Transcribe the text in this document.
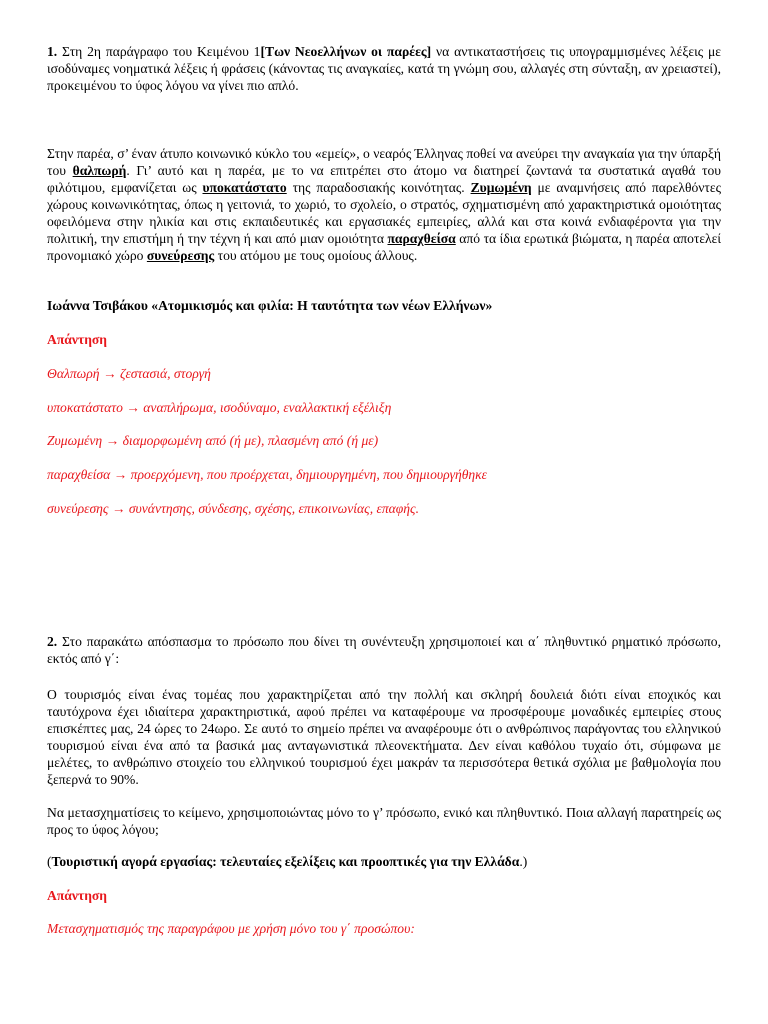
1. Στη 2η παράγραφο του Κειμένου 1[Των Νεοελλήνων οι παρέες] να αντικαταστήσεις τις υπογραμμισμένες λέξεις με ισοδύναμες νοηματικά λέξεις ή φράσεις (κάνοντας τις αναγκαίες, κατά τη γνώμη σου, αλλαγές στη σύνταξη, αν χρειαστεί), προκειμένου το ύφος λόγου να γίνει πιο απλό.

Στην παρέα, σ’ έναν άτυπο κοινωνικό κύκλο του «εμείς», ο νεαρός Έλληνας ποθεί να ανεύρει την αναγκαία για την ύπαρξή του θαλπωρή. Γι’ αυτό και η παρέα, με το να επιτρέπει στο άτομο να διατηρεί ζωντανά τα συστατικά αγαθά του φιλότιμου, εμφανίζεται ως υποκατάστατο της παραδοσιακής κοινότητας. Ζυμωμένη με αναμνήσεις από παρελθόντες χώρους κοινωνικότητας, όπως η γειτονιά, το χωριό, το σχολείο, ο στρατός, σχηματισμένη από χαρακτηριστικά ομοιότητας οφειλόμενα στην ηλικία και στις εκπαιδευτικές και εργασιακές εμπειρίες, αλλά και στα κοινά ενδιαφέροντα για την πολιτική, την επιστήμη ή την τέχνη ή και από μιαν ομοιότητα παραχθείσα από τα ίδια ερωτικά βιώματα, η παρέα αποτελεί προνομιακό χώρο συνεύρεσης του ατόμου με τους ομοίους άλλους.

Ιωάννα Τσιβάκου «Ατομικισμός και φιλία: Η ταυτότητα των νέων Ελλήνων»

Απάντηση

Θαλπωρή → ζεστασιά, στοργή

υποκατάστατο → αναπλήρωμα, ισοδύναμο, εναλλακτική εξέλιξη

Ζυμωμένη → διαμορφωμένη από (ή με), πλασμένη από (ή με)

παραχθείσα → προερχόμενη, που προέρχεται, δημιουργημένη, που δημιουργήθηκε

συνεύρεσης → συνάντησης, σύνδεσης, σχέσης, επικοινωνίας, επαφής.

2. Στο παρακάτω απόσπασμα το πρόσωπο που δίνει τη συνέντευξη χρησιμοποιεί και α΄ πληθυντικό ρηματικό πρόσωπο, εκτός από γ΄:

Ο τουρισμός είναι ένας τομέας που χαρακτηρίζεται από την πολλή και σκληρή δουλειά διότι είναι εποχικός και ταυτόχρονα έχει ιδιαίτερα χαρακτηριστικά, αφού πρέπει να καταφέρουμε να προσφέρουμε μοναδικές εμπειρίες στους επισκέπτες μας, 24 ώρες το 24ωρο. Σε αυτό το σημείο πρέπει να αναφέρουμε ότι ο ανθρώπινος παράγοντας του ελληνικού τουρισμού είναι ένα από τα βασικά μας ανταγωνιστικά πλεονεκτήματα. Δεν είναι καθόλου τυχαίο ότι, σύμφωνα με μελέτες, το ανθρώπινο στοιχείο του ελληνικού τουρισμού έχει μακράν τα περισσότερα θετικά σχόλια με βαθμολογία που ξεπερνά το 90%.

Να μετασχηματίσεις το κείμενο, χρησιμοποιώντας μόνο το γ’ πρόσωπο, ενικό και πληθυντικό. Ποια αλλαγή παρατηρείς ως προς το ύφος λόγου;

(Τουριστική αγορά εργασίας: τελευταίες εξελίξεις και προοπτικές για την Ελλάδα.)

Απάντηση

Μετασχηματισμός της παραγράφου με χρήση μόνο του γ΄ προσώπου:
